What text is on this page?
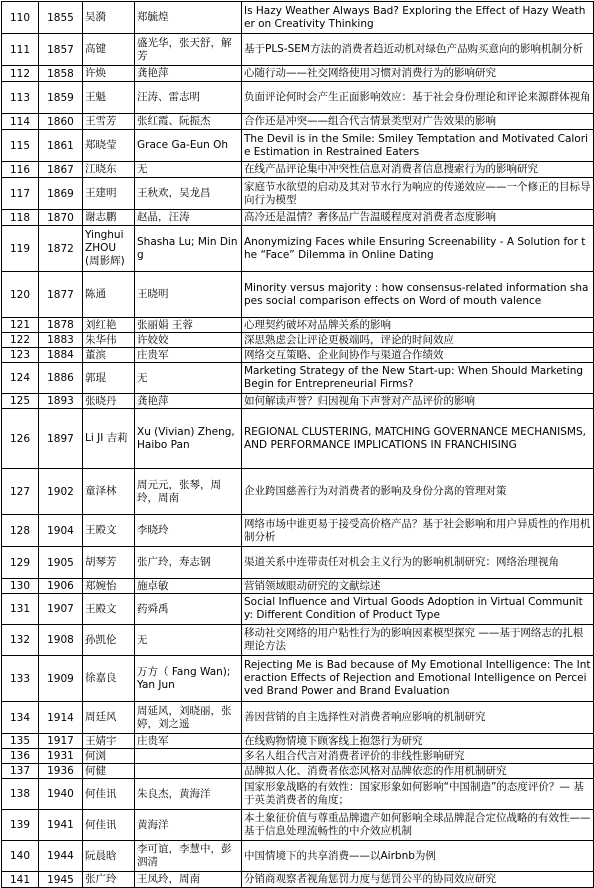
110	1855	吴漪	郑毓煌	Is Hazy Weather Always Bad? Exploring the Effect of Hazy Weather on Creativity Thinking
111	1857	高键	盛光华，张天舒，解芳	基于PLS-SEM方法的消费者趋近动机对绿色产品购买意向的影响机制分析
112	1858	许焕	龚艳萍	心随行动——社交网络使用习惯对消费行为的影响研究
113	1859	王魁	汪涛、雷志明	负面评论何时会产生正面影响效应：基于社会身份理论和评论来源群体视角
114	1860	王雪芳	张红霞、阮振杰	合作还是冲突——组合代言情景类型对广告效果的影响
115	1861	郑晓莹	Grace Ga-Eun Oh	The Devil is in the Smile: Smiley Temptation and Motivated Calorie Estimation in Restrained Eaters
116	1867	江晓东	无	在线产品评论集中冲突性信息对消费者信息搜索行为的影响研究
117	1869	王建明	王秋欢，吴龙昌	家庭节水欲望的启动及其对节水行为响应的传递效应——一个修正的目标导向行为模型
118	1870	谢志鹏	赵晶，汪涛	高冷还是温情？奢侈品广告温暖程度对消费者态度影响
119	1872	Yinghui ZHOU (周影辉)	Shasha Lu; Min Ding	Anonymizing Faces while Ensuring Screenability - A Solution for the “Face” Dilemma in Online Dating
120	1877	陈通	王晓明	Minority versus majority : how consensus-related information shapes social comparison effects on Word of mouth valence
121	1878	刘红艳	张丽娟 王蓉	心理契约破坏对品牌关系的影响
122	1883	朱华伟	许姣姣	深思熟虑会让评论更极端吗，评论的时间效应
123	1884	董滨	庄贵军	网络交互策略、企业间协作与渠道合作绩效
124	1886	郭琨	无	Marketing Strategy of the New Start-up: When Should Marketing Begin for Entrepreneurial Firms?
125	1893	张晓丹	龚艳萍	如何解读声誉？归因视角下声誉对产品评价的影响
126	1897	Li JI 吉莉	Xu (Vivian) Zheng, Haibo Pan	REGIONAL CLUSTERING, MATCHING GOVERNANCE MECHANISMS, AND PERFORMANCE IMPLICATIONS IN FRANCHISING
127	1902	童泽林	周元元，张琴，周玲，周南	企业跨国慈善行为对消费者的影响及身份分离的管理对策
128	1904	王殿文	李晓玲	网络市场中谁更易于接受高价格产品？基于社会影响和用户异质性的作用机制分析
129	1905	胡琴芳	张广玲，寿志钢	渠道关系中连带责任对机会主义行为的影响机制研究：网络治理视角
130	1906	郑婉怡	施卓敏	营销领域眼动研究的文献综述
131	1907	王殿文	药舜禹	Social Influence and Virtual Goods Adoption in Virtual Community: Different Condition of Product Type
132	1908	孙凯伦	无	移动社交网络的用户粘性行为的影响因素模型探究 ——基于网络志的扎根理论方法
133	1909	徐嘉良	万方（ Fang Wan); Yan Jun	Rejecting Me is Bad because of My Emotional Intelligence: The Interaction Effects of Rejection and Emotional Intelligence on Perceived Brand Power and Brand Evaluation
134	1914	周廷风	周延风，刘晓丽，张婷，刘之遥	善因营销的自主选择性对消费者响应影响的机制研究
135	1917	王婧宇	庄贵军	在线购物情境下顾客线上抱怨行为研究
136	1931	何浏		多名人组合代言对消费者评价的非线性影响研究
137	1936	何健		品牌拟人化、消费者依恋风格对品牌依恋的作用机制研究
138	1940	何佳讯	朱良杰，黄海洋	国家形象战略的有效性：国家形象如何影响“中国制造”的态度评价？— 基于英美消费者的角度；
139	1941	何佳讯	黄海洋	本土象征价值与尊重品牌遗产如何影响全球品牌混合定位战略的有效性——基于信息处理流畅性的中介效应机制
140	1944	阮晨晗	李可谊，李慧中，彭泗清	中国情境下的共享消费——以Airbnb为例
141	1945	张广玲	王凤玲，周南	分销商观察者视角惩罚力度与惩罚公平的协同效应研究
